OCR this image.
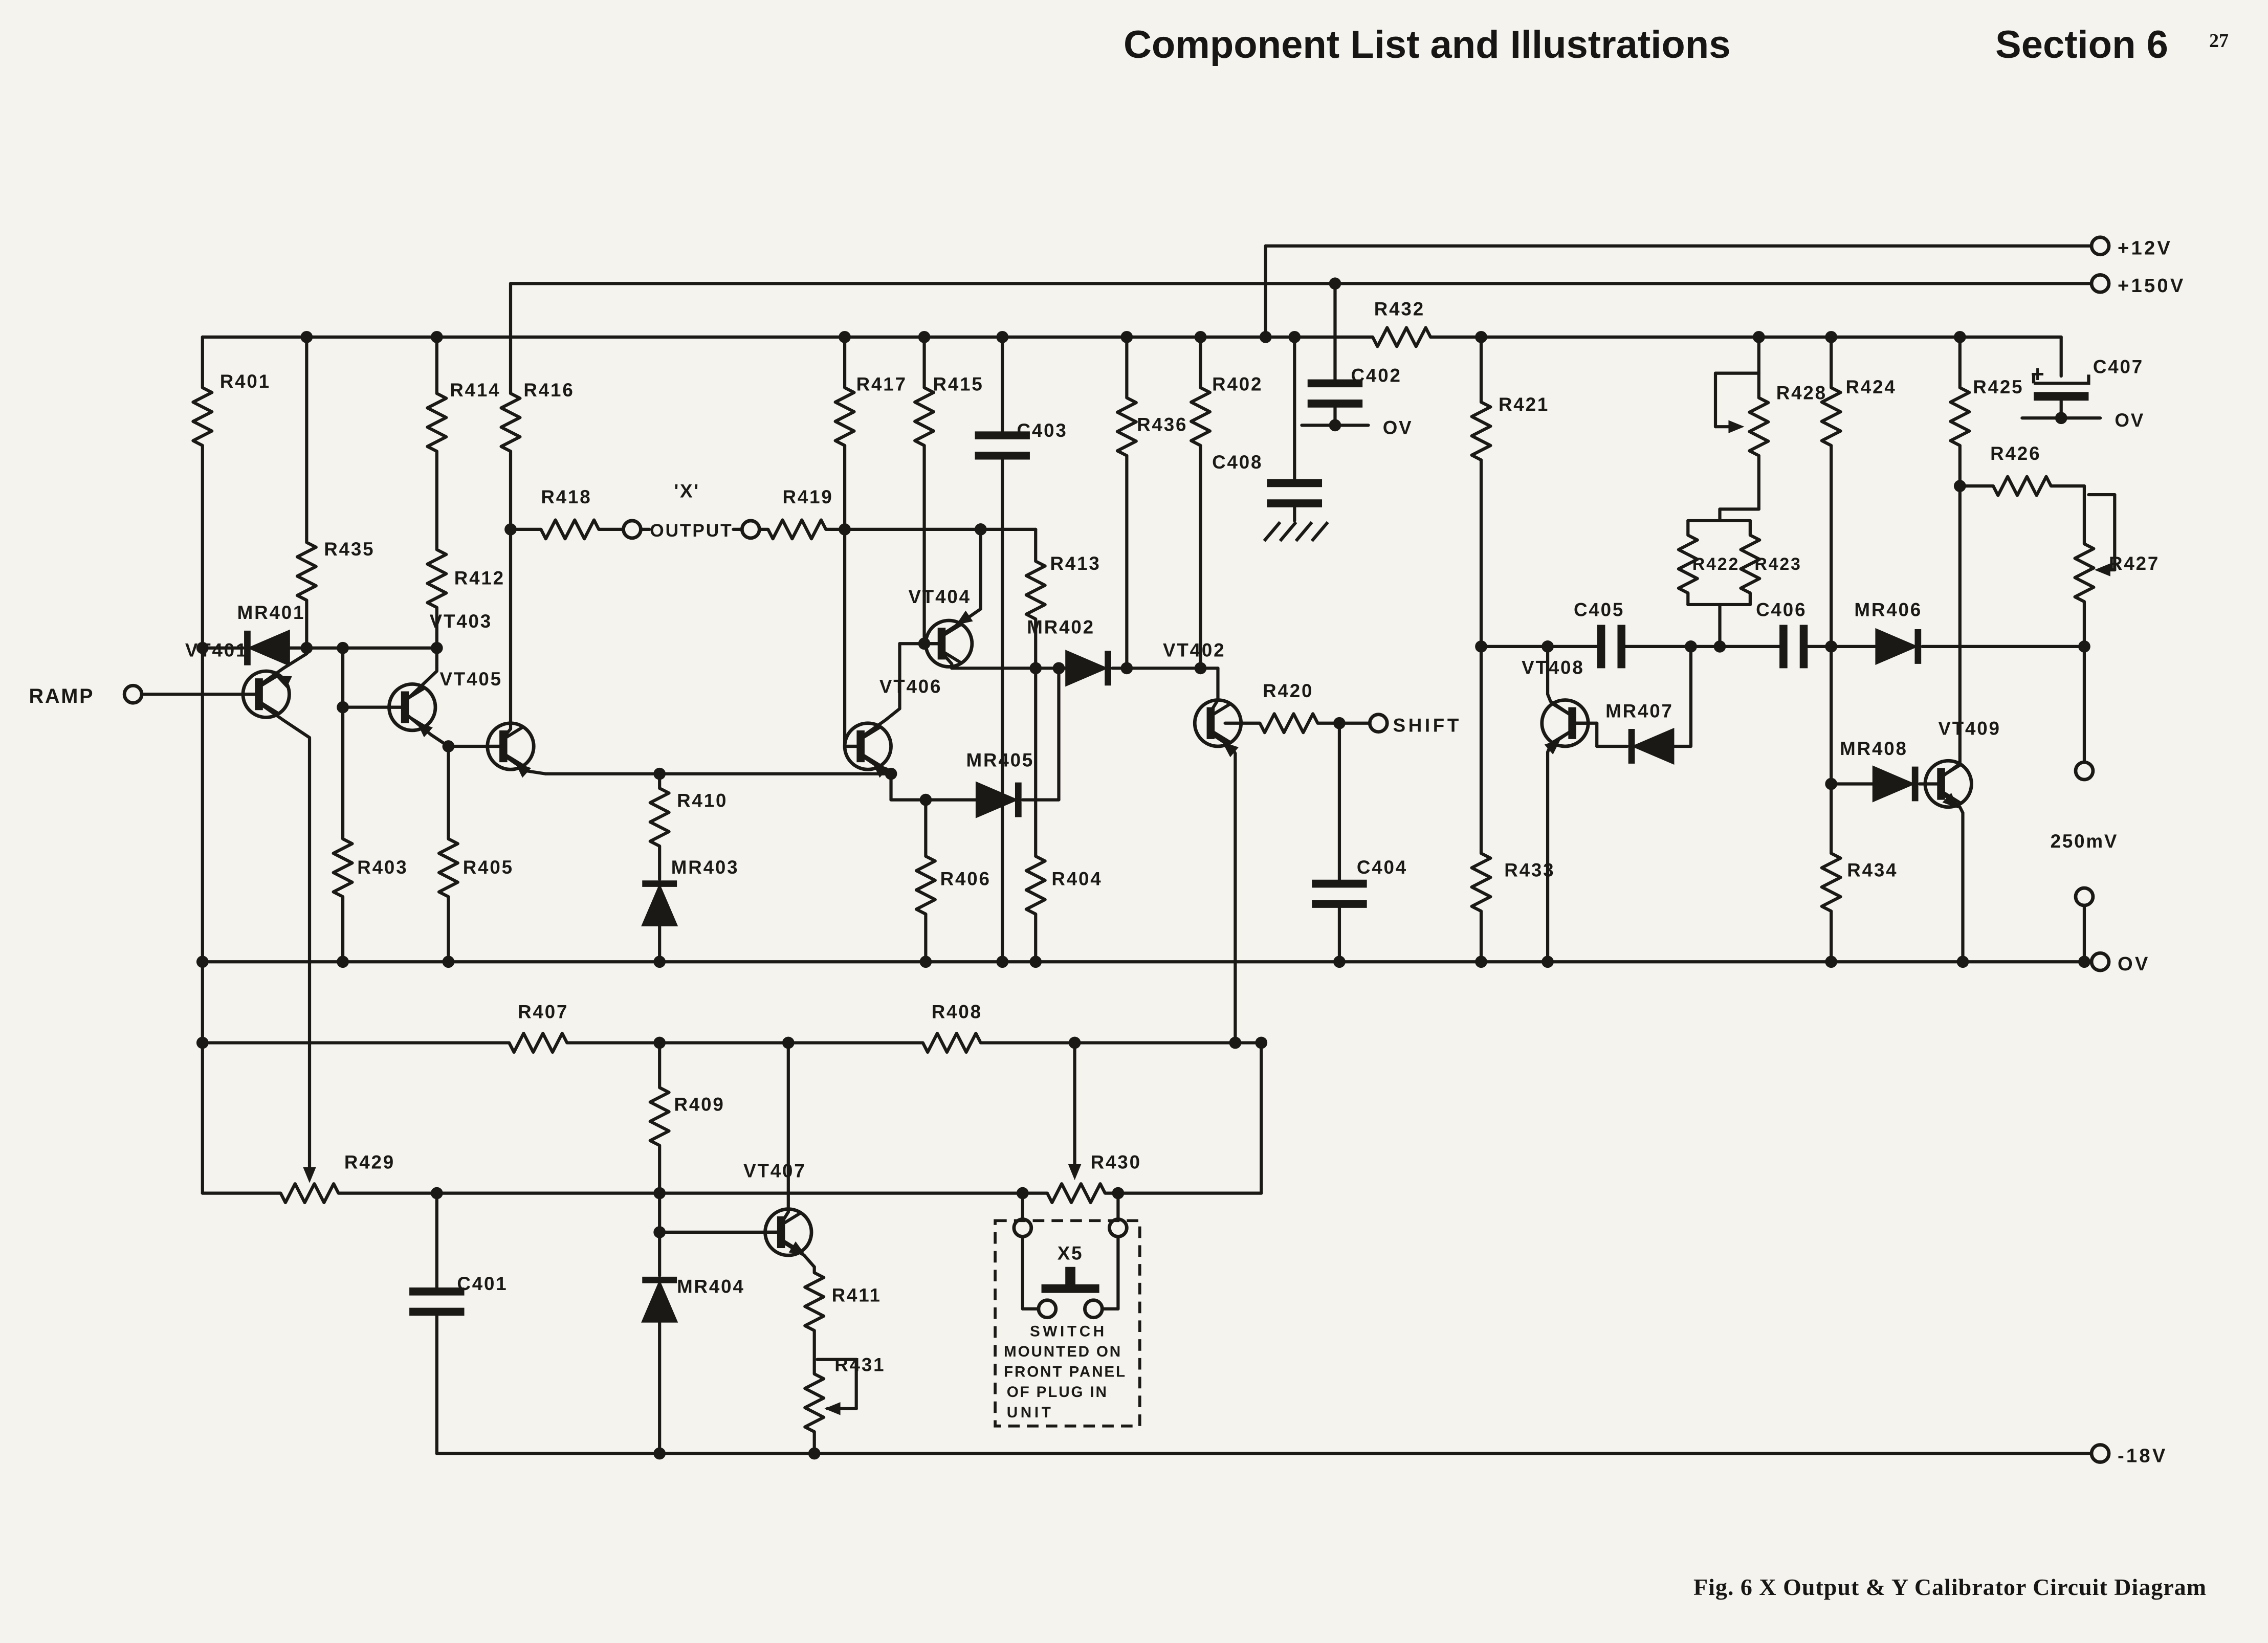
Component List and Illustrations	Section 6 27
Fig. 6 X Output & Y Calibrator Circuit Diagram
R401
R435
R414	R416
R412
MR401
VT401
VT403
VT405
RAMP
R403	R405
R418	'X'
OUTPUT
R419
R417	R415
C403	R436
R402
R413
VT404
VT406
MR405
MR402
VT402
R420
SHIFT
R410
MR403
R406	R404
C402
OV
C408
R432
R421
R433
C404
C405	C406	MR406
MR407
VT408
MR408
VT409
R428	R424	R425
C407
+
OV
R426
R427
R422 R423
R434
250mV
R407	R408
R429
R409
R430
VT407
C401	MR404	R411
R431
X5
SWITCH
MOUNTED ON
FRONT PANEL
OF PLUG IN
UNIT
+12V
+150V
OV
-18V
